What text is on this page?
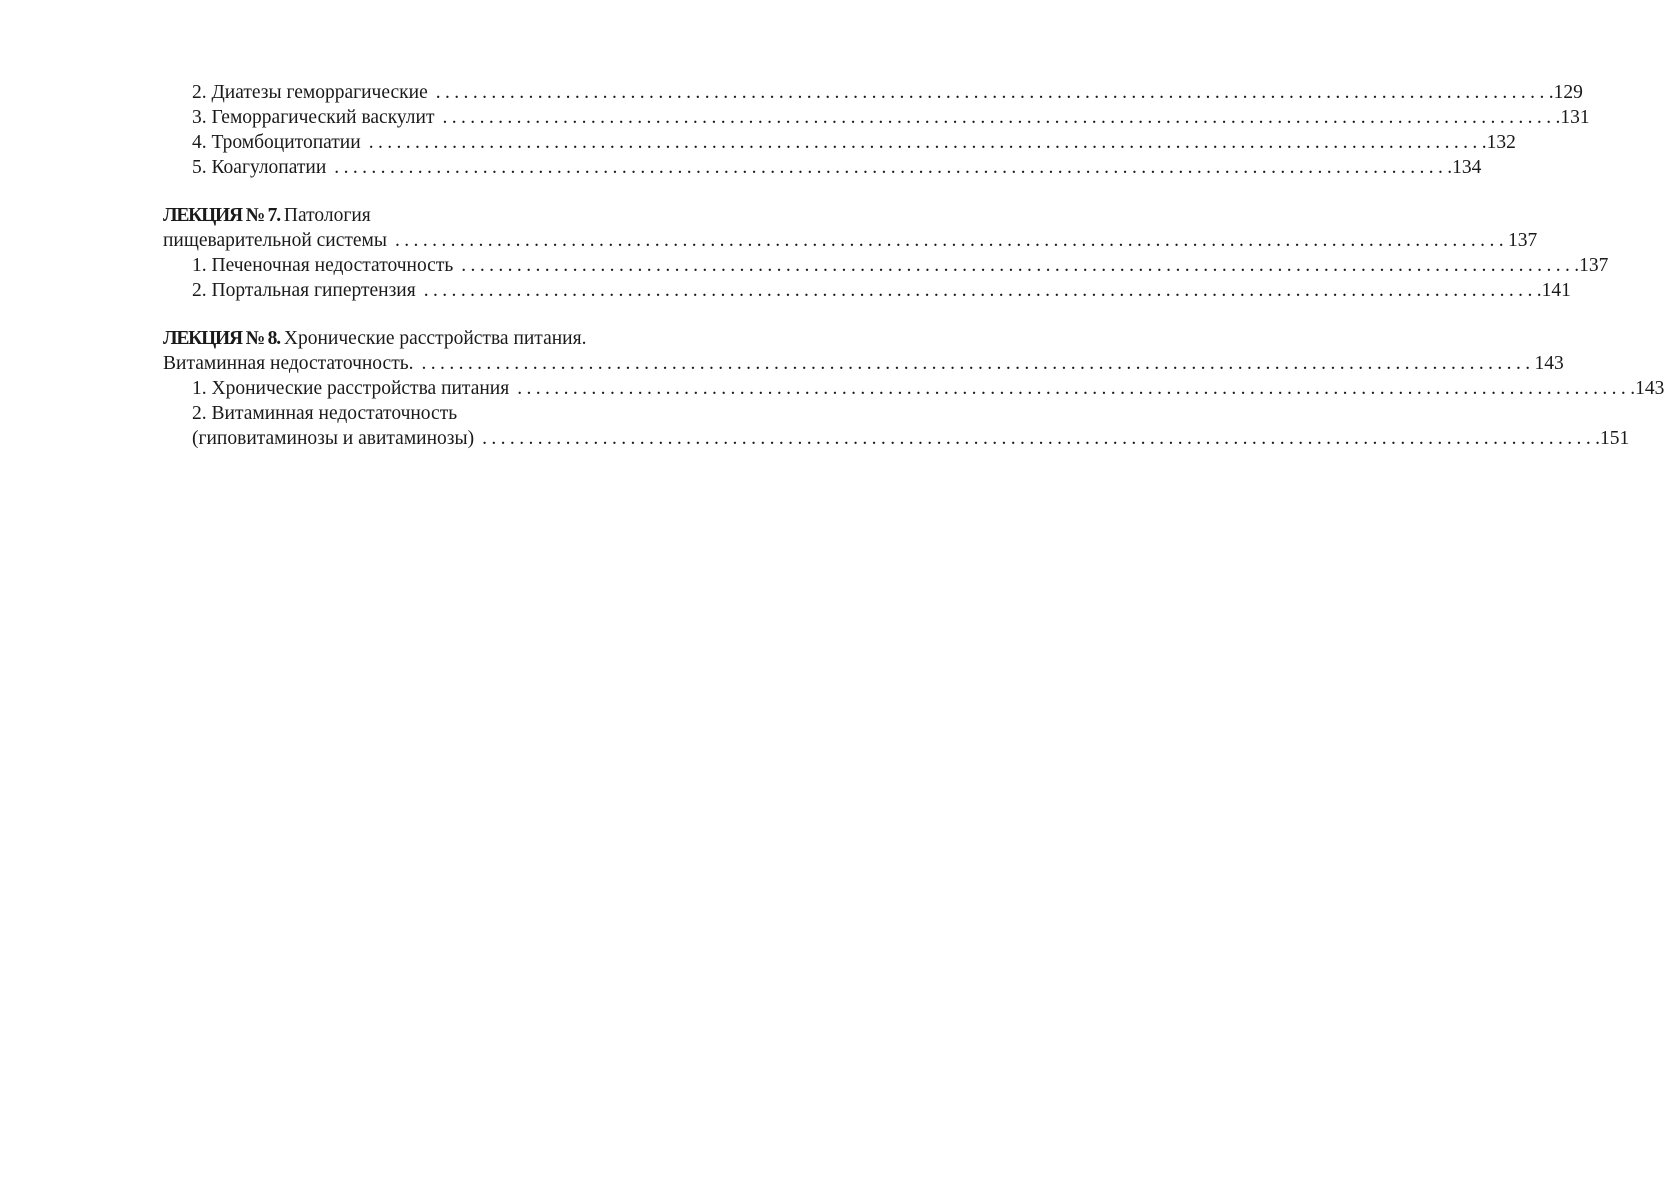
2. Диатезы геморрагические ........................................................................................................................ .129
3. Геморрагический васкулит ........................................................................................................................ .131
4. Тромбоцитопатии ........................................................................................................................ .132
5. Коагулопатии ........................................................................................................................ .134
ЛЕКЦИЯ № 7. Патология
пищеварительной системы ........................................................................................................................ 137
1. Печеночная недостаточность ........................................................................................................................ .137
2. Портальная гипертензия ........................................................................................................................ .141
ЛЕКЦИЯ № 8. Хронические расстройства питания.
Витаминная недостаточность. ........................................................................................................................ 143
1. Хронические расстройства питания ........................................................................................................................ .143
2. Витаминная недостаточность
(гиповитаминозы и авитаминозы) ........................................................................................................................ .151
